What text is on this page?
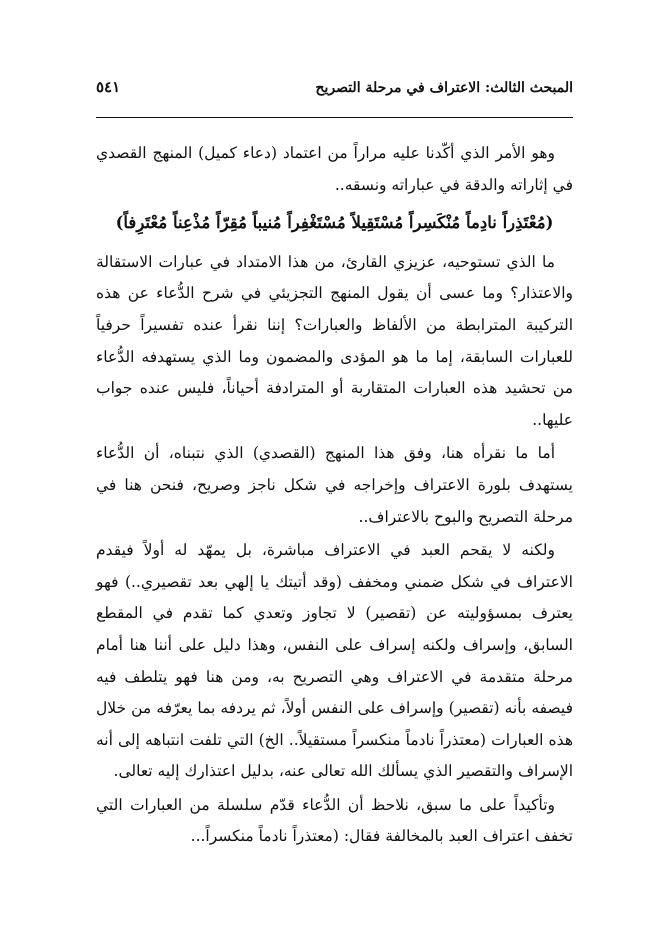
المبحث الثالث: الاعتراف في مرحلة التصريح
٥٤١

وهو الأمر الذي أكّدنا عليه مراراً من اعتماد (دعاء كميل) المنهج القصدي في إثاراته والدقة في عباراته ونسقه..

(مُعْتَذِراً نادِماً مُنْكَسِراً مُسْتَقِيلاً مُسْتَغْفِراً مُنيباً مُقِرّاً مُذْعِناً مُعْتَرِفاً)

ما الذي تستوحيه، عزيزي القارئ، من هذا الامتداد في عبارات الاستقالة والاعتذار؟ وما عسى أن يقول المنهج التجزيئي في شرح الدُّعاء عن هذه التركيبة المترابطة من الألفاظ والعبارات؟ إننا نقرأ عنده تفسيراً حرفياً للعبارات السابقة، إما ما هو المؤدى والمضمون وما الذي يستهدفه الدُّعاء من تحشيد هذه العبارات المتقاربة أو المترادفة أحياناً، فليس عنده جواب عليها..

أما ما نقرأه هنا، وفق هذا المنهج (القصدي) الذي نتبناه، أن الدُّعاء يستهدف بلورة الاعتراف وإخراجه في شكل ناجز وصريح، فنحن هنا في مرحلة التصريح والبوح بالاعتراف..

ولكنه لا يقحم العبد في الاعتراف مباشرة، بل يمهّد له أولاً فيقدم الاعتراف في شكل ضمني ومخفف (وقد أتيتك يا إلهي بعد تقصيري..) فهو يعترف بمسؤوليته عن (تقصير) لا تجاوز وتعدي كما تقدم في المقطع السابق، وإسراف ولكنه إسراف على النفس، وهذا دليل على أننا هنا أمام مرحلة متقدمة في الاعتراف وهي التصريح به، ومن هنا فهو يتلطف فيه فيصفه بأنه (تقصير) وإسراف على النفس أولاً، ثم يردفه بما يعرّفه من خلال هذه العبارات (معتذراً نادماً منكسراً مستقيلاً.. الخ) التي تلفت انتباهه إلى أنه الإسراف والتقصير الذي يسألك الله تعالى عنه، بدليل اعتذارك إليه تعالى.

وتأكيداً على ما سبق، نلاحظ أن الدُّعاء قدّم سلسلة من العبارات التي تخفف اعتراف العبد بالمخالفة فقال: (معتذراً نادماً منكسراً...
